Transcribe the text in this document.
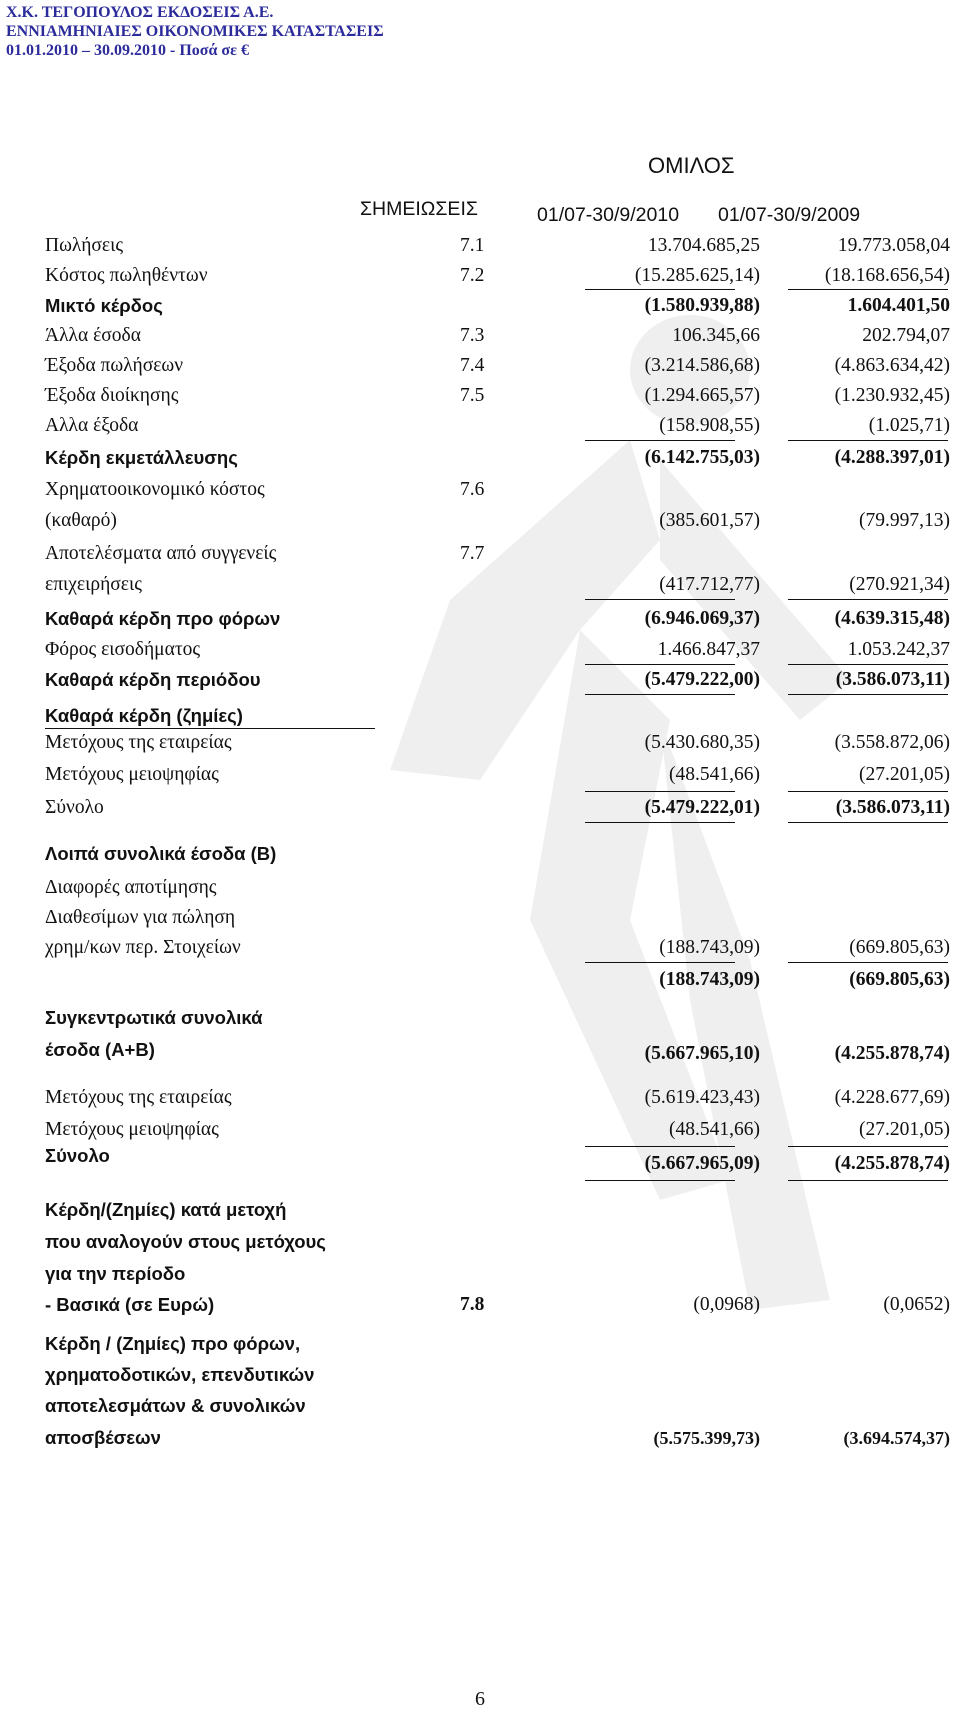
Χ.Κ. ΤΕΓΟΠΟΥΛΟΣ ΕΚΔΟΣΕΙΣ Α.Ε.
ΕΝΝΙΑΜΗΝΙΑΙΕΣ ΟΙΚΟΝΟΜΙΚΕΣ ΚΑΤΑΣΤΑΣΕΙΣ
01.01.2010 – 30.09.2010 - Ποσά σε €
ΟΜΙΛΟΣ
ΣΗΜΕΙΩΣΕΙΣ	01/07-30/9/2010 01/07-30/9/2009
Πωλήσεις	7.1	13.704.685,25	19.773.058,04
Κόστος πωληθέντων	7.2	(15.285.625,14)	(18.168.656,54)
Μικτό κέρδος	(1.580.939,88)	1.604.401,50
Άλλα έσοδα	7.3	106.345,66	202.794,07
Έξοδα πωλήσεων	7.4	(3.214.586,68)	(4.863.634,42)
Έξοδα διοίκησης	7.5	(1.294.665,57)	(1.230.932,45)
Αλλα έξοδα	(158.908,55)	(1.025,71)
Κέρδη εκμετάλλευσης	(6.142.755,03)	(4.288.397,01)
Χρηματοοικονομικό κόστος	7.6
(καθαρό)	(385.601,57)	(79.997,13)
Αποτελέσματα από συγγενείς	7.7
επιχειρήσεις	(417.712,77)	(270.921,34)
Καθαρά κέρδη προ φόρων	(6.946.069,37)	(4.639.315,48)
Φόρος εισοδήματος	1.466.847,37	1.053.242,37
Καθαρά κέρδη περιόδου	(5.479.222,00)	(3.586.073,11)
Καθαρά κέρδη (ζημίες)
Μετόχους της εταιρείας	(5.430.680,35)	(3.558.872,06)
Μετόχους μειοψηφίας	(48.541,66)	(27.201,05)
Σύνολο	(5.479.222,01)	(3.586.073,11)
Λοιπά συνολικά έσοδα (Β)
Διαφορές αποτίμησης
Διαθεσίμων για πώληση
χρημ/κων περ. Στοιχείων	(188.743,09)	(669.805,63)
(188.743,09)	(669.805,63)
Συγκεντρωτικά συνολικά
έσοδα (Α+Β)	(5.667.965,10)	(4.255.878,74)
Μετόχους της εταιρείας	(5.619.423,43)	(4.228.677,69)
Μετόχους μειοψηφίας	(48.541,66)	(27.201,05)
Σύνολο	(5.667.965,09)	(4.255.878,74)
Κέρδη/(Ζημίες) κατά μετοχή
που αναλογούν στους μετόχους
για την περίοδο
- Βασικά (σε Ευρώ)	7.8	(0,0968)	(0,0652)
Κέρδη / (Ζημίες) προ φόρων,
χρηματοδοτικών, επενδυτικών
αποτελεσμάτων & συνολικών
αποσβέσεων	(5.575.399,73)	(3.694.574,37)
6
